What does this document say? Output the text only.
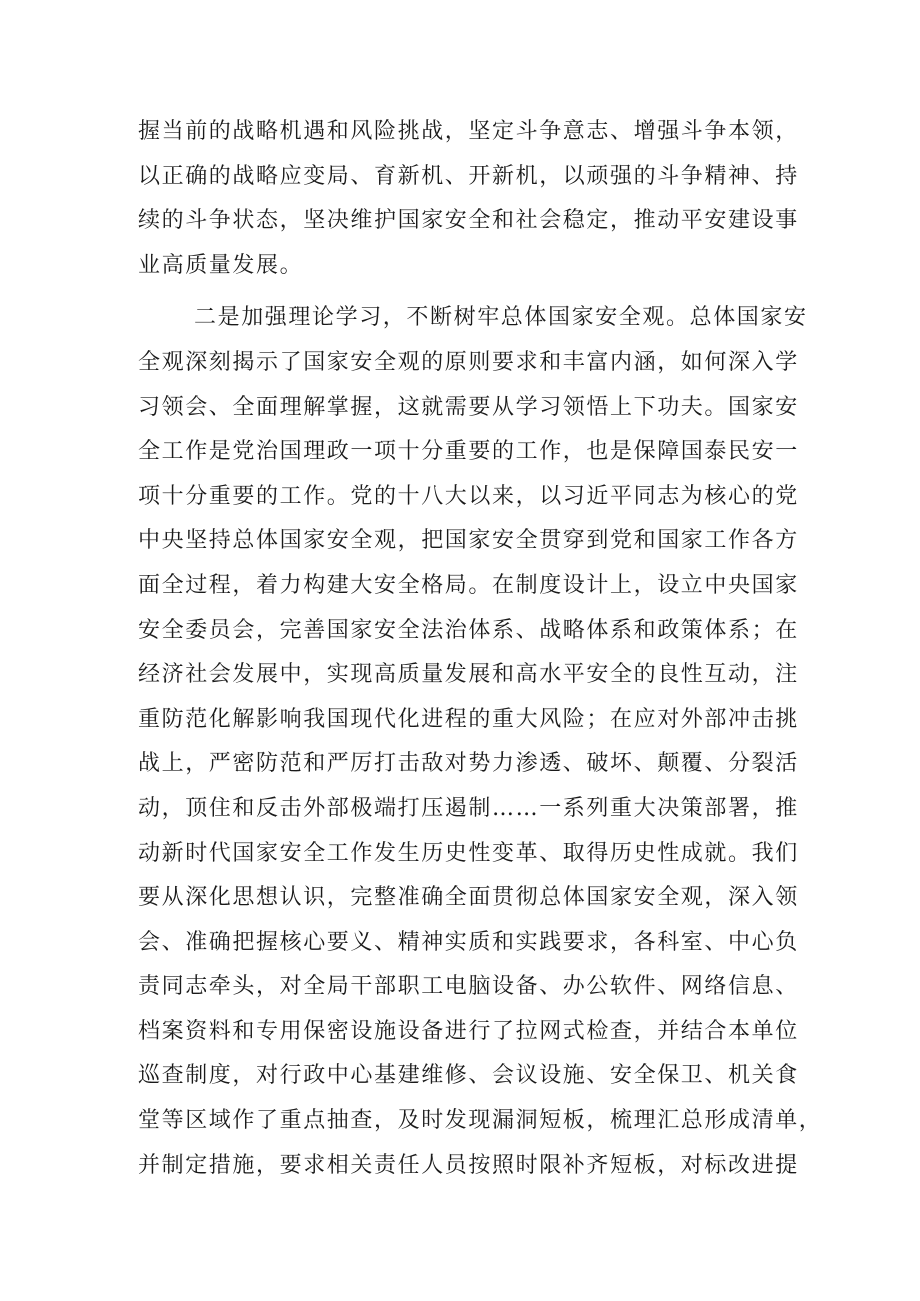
握当前的战略机遇和风险挑战，坚定斗争意志、增强斗争本领，
以正确的战略应变局、育新机、开新机，以顽强的斗争精神、持
续的斗争状态，坚决维护国家安全和社会稳定，推动平安建设事
业高质量发展。
二是加强理论学习，不断树牢总体国家安全观。总体国家安
全观深刻揭示了国家安全观的原则要求和丰富内涵，如何深入学
习领会、全面理解掌握，这就需要从学习领悟上下功夫。国家安
全工作是党治国理政一项十分重要的工作，也是保障国泰民安一
项十分重要的工作。党的十八大以来，以习近平同志为核心的党
中央坚持总体国家安全观，把国家安全贯穿到党和国家工作各方
面全过程，着力构建大安全格局。在制度设计上，设立中央国家
安全委员会，完善国家安全法治体系、战略体系和政策体系；在
经济社会发展中，实现高质量发展和高水平安全的良性互动，注
重防范化解影响我国现代化进程的重大风险；在应对外部冲击挑
战上，严密防范和严厉打击敌对势力渗透、破坏、颠覆、分裂活
动，顶住和反击外部极端打压遏制……一系列重大决策部署，推
动新时代国家安全工作发生历史性变革、取得历史性成就。我们
要从深化思想认识，完整准确全面贯彻总体国家安全观，深入领
会、准确把握核心要义、精神实质和实践要求，各科室、中心负
责同志牵头，对全局干部职工电脑设备、办公软件、网络信息、
档案资料和专用保密设施设备进行了拉网式检查，并结合本单位
巡查制度，对行政中心基建维修、会议设施、安全保卫、机关食
堂等区域作了重点抽查，及时发现漏洞短板，梳理汇总形成清单，
并制定措施，要求相关责任人员按照时限补齐短板，对标改进提
